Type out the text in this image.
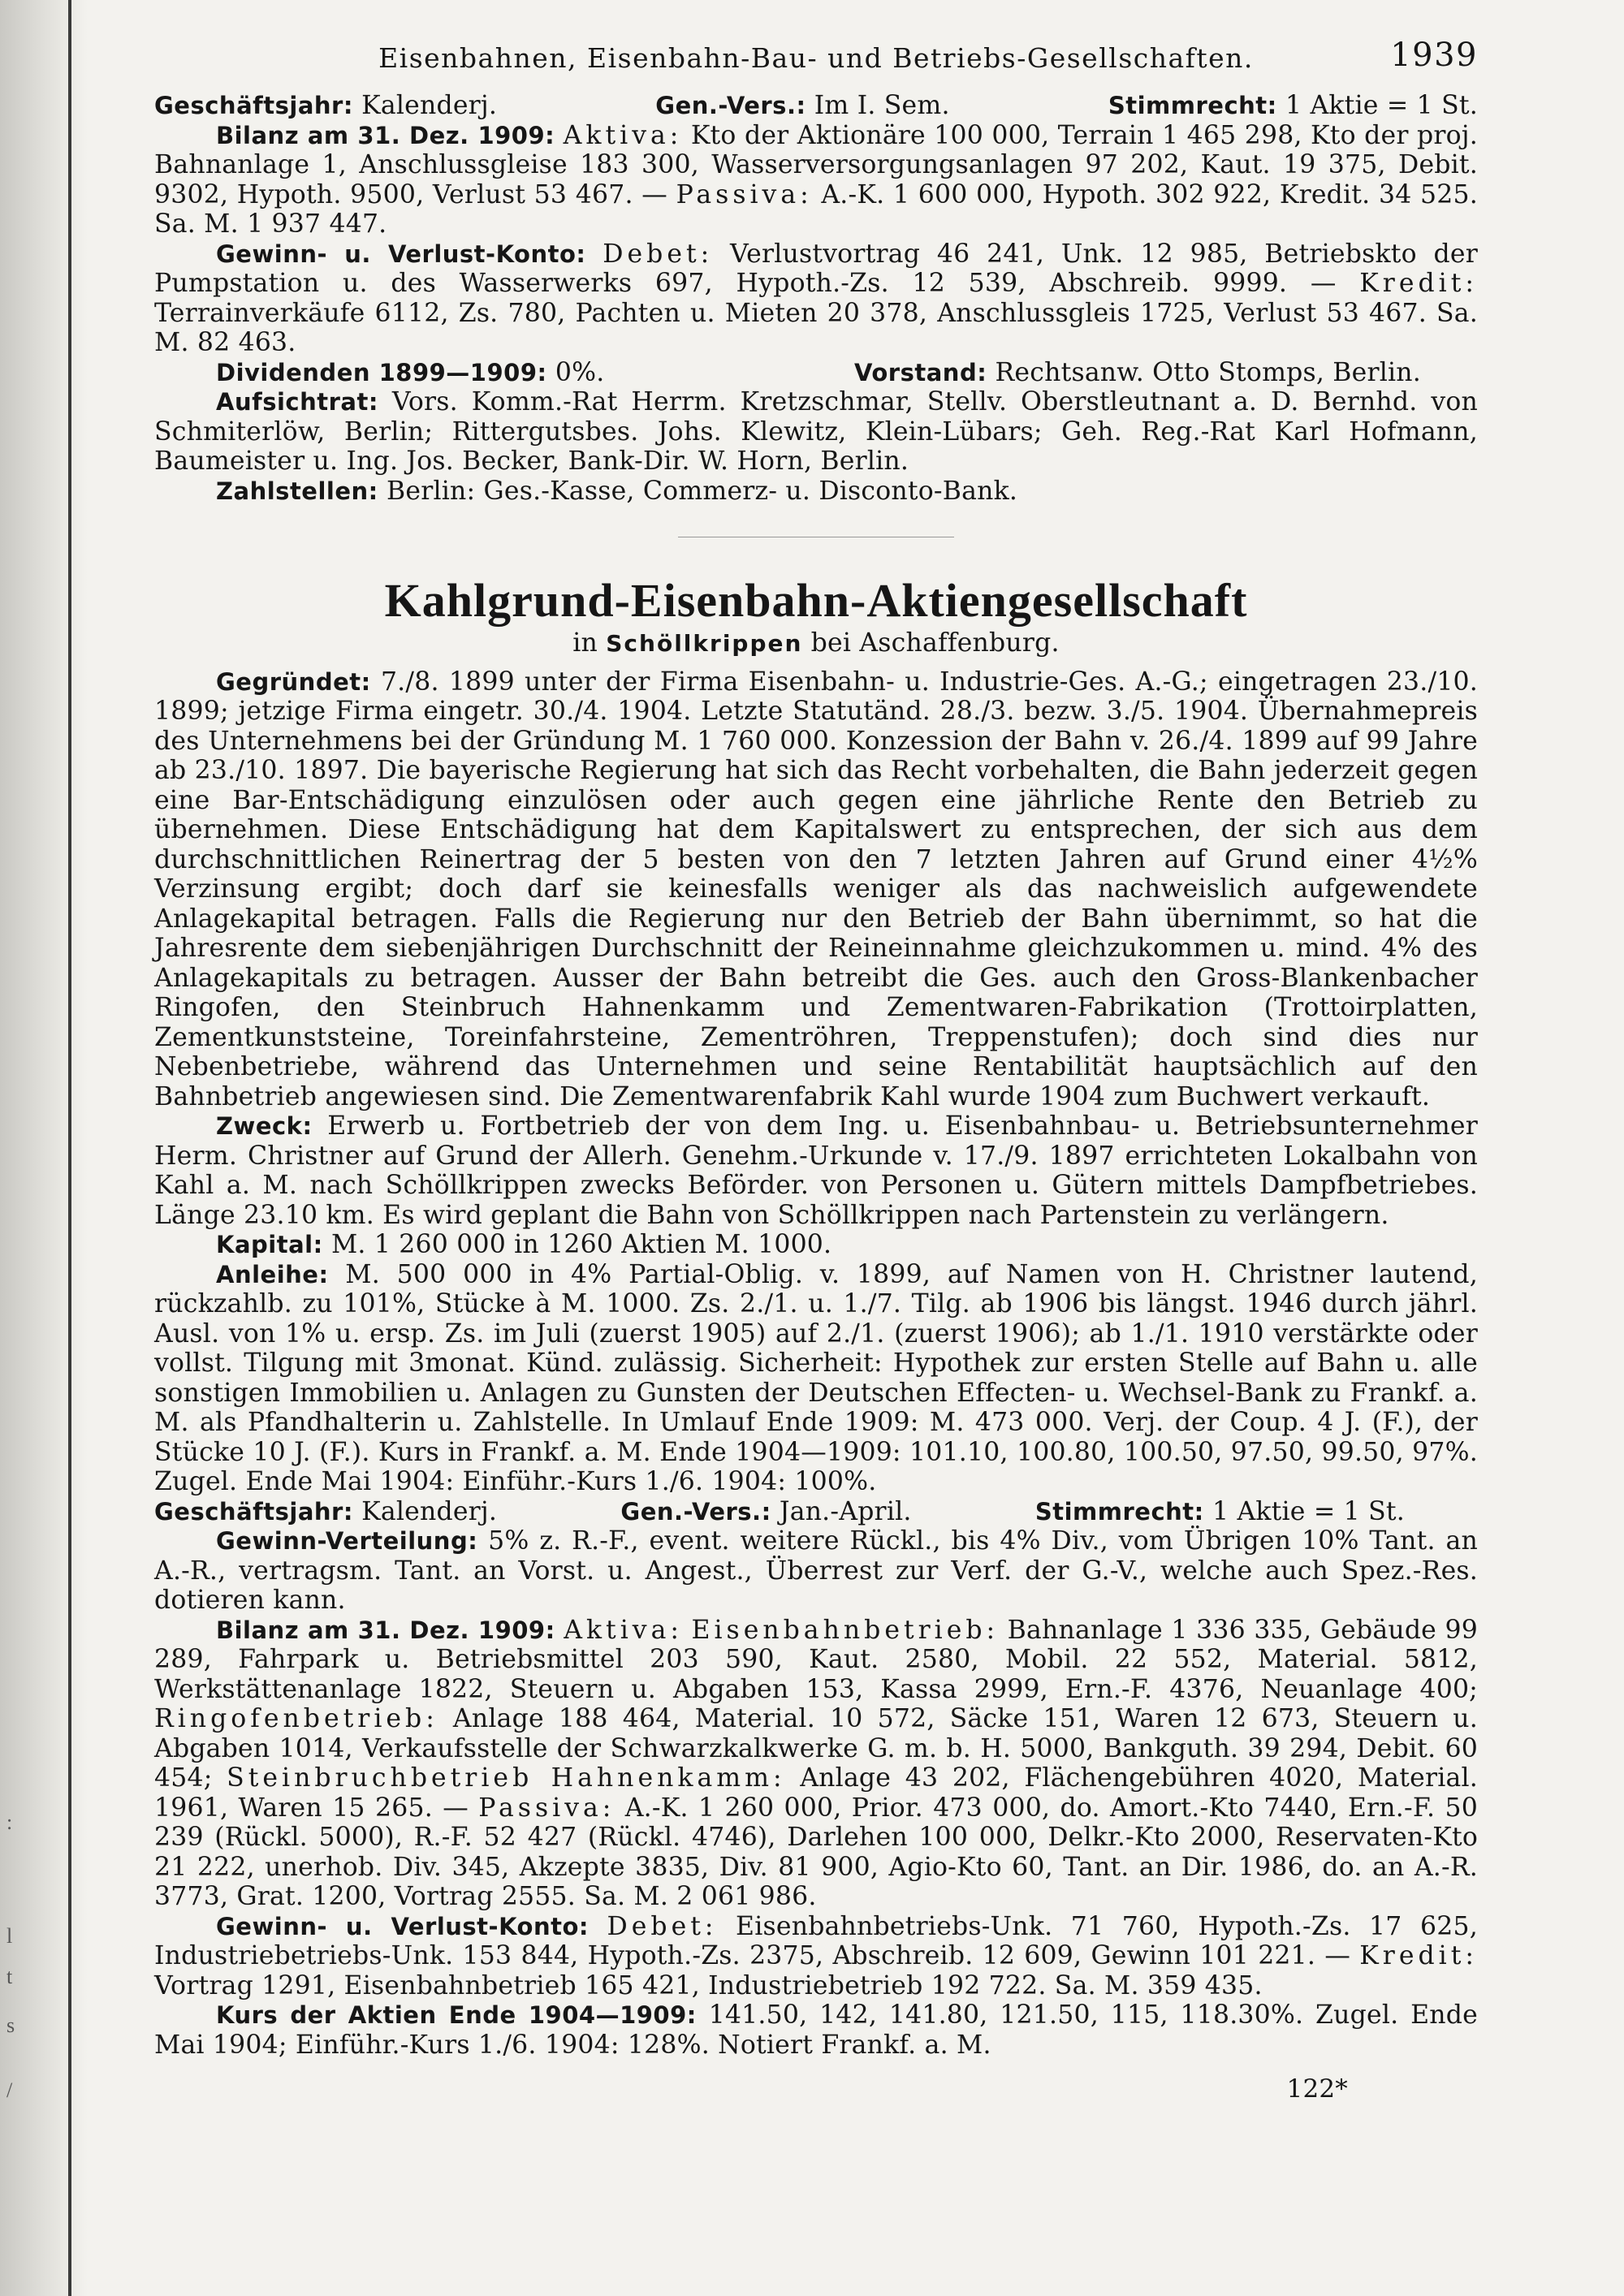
:
l
t
s
/
Eisenbahnen, Eisenbahn-Bau- und Betriebs-Gesellschaften.	1939
Geschäftsjahr: Kalenderj.	Gen.-Vers.: Im I. Sem.	Stimmrecht: 1 Aktie = 1 St.

Bilanz am 31. Dez. 1909: Aktiva: Kto der Aktionäre 100 000, Terrain 1 465 298, Kto der proj. Bahnanlage 1, Anschlussgleise 183 300, Wasserversorgungsanlagen 97 202, Kaut. 19 375, Debit. 9302, Hypoth. 9500, Verlust 53 467. — Passiva: A.-K. 1 600 000, Hypoth. 302 922, Kredit. 34 525. Sa. M. 1 937 447.

Gewinn- u. Verlust-Konto: Debet: Verlustvortrag 46 241, Unk. 12 985, Betriebskto der Pumpstation u. des Wasserwerks 697, Hypoth.-Zs. 12 539, Abschreib. 9999. — Kredit: Terrainverkäufe 6112, Zs. 780, Pachten u. Mieten 20 378, Anschlussgleis 1725, Verlust 53 467. Sa. M. 82 463.

Dividenden 1899—1909: 0%.	Vorstand: Rechtsanw. Otto Stomps, Berlin.

Aufsichtrat: Vors. Komm.-Rat Herrm. Kretzschmar, Stellv. Oberstleutnant a. D. Bernhd. von Schmiterlöw, Berlin; Rittergutsbes. Johs. Klewitz, Klein-Lübars; Geh. Reg.-Rat Karl Hofmann, Baumeister u. Ing. Jos. Becker, Bank-Dir. W. Horn, Berlin.

Zahlstellen: Berlin: Ges.-Kasse, Commerz- u. Disconto-Bank.

Kahlgrund-Eisenbahn-Aktiengesellschaft
in Schöllkrippen bei Aschaffenburg.

Gegründet: 7./8. 1899 unter der Firma Eisenbahn- u. Industrie-Ges. A.-G.; eingetragen 23./10. 1899; jetzige Firma eingetr. 30./4. 1904. Letzte Statutänd. 28./3. bezw. 3./5. 1904. Übernahmepreis des Unternehmens bei der Gründung M. 1 760 000. Konzession der Bahn v. 26./4. 1899 auf 99 Jahre ab 23./10. 1897. Die bayerische Regierung hat sich das Recht vorbehalten, die Bahn jederzeit gegen eine Bar-Entschädigung einzulösen oder auch gegen eine jährliche Rente den Betrieb zu übernehmen. Diese Entschädigung hat dem Kapitalswert zu entsprechen, der sich aus dem durchschnittlichen Reinertrag der 5 besten von den 7 letzten Jahren auf Grund einer 4½% Verzinsung ergibt; doch darf sie keinesfalls weniger als das nachweislich aufgewendete Anlagekapital betragen. Falls die Regierung nur den Betrieb der Bahn übernimmt, so hat die Jahresrente dem siebenjährigen Durchschnitt der Reineinnahme gleichzukommen u. mind. 4% des Anlagekapitals zu betragen. Ausser der Bahn betreibt die Ges. auch den Gross-Blankenbacher Ringofen, den Steinbruch Hahnenkamm und Zementwaren-Fabrikation (Trottoirplatten, Zementkunststeine, Toreinfahrsteine, Zementröhren, Treppenstufen); doch sind dies nur Nebenbetriebe, während das Unternehmen und seine Rentabilität hauptsächlich auf den Bahnbetrieb angewiesen sind. Die Zementwarenfabrik Kahl wurde 1904 zum Buchwert verkauft.

Zweck: Erwerb u. Fortbetrieb der von dem Ing. u. Eisenbahnbau- u. Betriebsunternehmer Herm. Christner auf Grund der Allerh. Genehm.-Urkunde v. 17./9. 1897 errichteten Lokalbahn von Kahl a. M. nach Schöllkrippen zwecks Beförder. von Personen u. Gütern mittels Dampfbetriebes. Länge 23.10 km. Es wird geplant die Bahn von Schöllkrippen nach Partenstein zu verlängern.

Kapital: M. 1 260 000 in 1260 Aktien M. 1000.

Anleihe: M. 500 000 in 4% Partial-Oblig. v. 1899, auf Namen von H. Christner lautend, rückzahlb. zu 101%, Stücke à M. 1000. Zs. 2./1. u. 1./7. Tilg. ab 1906 bis längst. 1946 durch jährl. Ausl. von 1% u. ersp. Zs. im Juli (zuerst 1905) auf 2./1. (zuerst 1906); ab 1./1. 1910 verstärkte oder vollst. Tilgung mit 3monat. Künd. zulässig. Sicherheit: Hypothek zur ersten Stelle auf Bahn u. alle sonstigen Immobilien u. Anlagen zu Gunsten der Deutschen Effecten- u. Wechsel-Bank zu Frankf. a. M. als Pfandhalterin u. Zahlstelle. In Umlauf Ende 1909: M. 473 000. Verj. der Coup. 4 J. (F.), der Stücke 10 J. (F.). Kurs in Frankf. a. M. Ende 1904—1909: 101.10, 100.80, 100.50, 97.50, 99.50, 97%. Zugel. Ende Mai 1904: Einführ.-Kurs 1./6. 1904: 100%.

Geschäftsjahr: Kalenderj.	Gen.-Vers.: Jan.-April.	Stimmrecht: 1 Aktie = 1 St.

Gewinn-Verteilung: 5% z. R.-F., event. weitere Rückl., bis 4% Div., vom Übrigen 10% Tant. an A.-R., vertragsm. Tant. an Vorst. u. Angest., Überrest zur Verf. der G.-V., welche auch Spez.-Res. dotieren kann.

Bilanz am 31. Dez. 1909: Aktiva: Eisenbahnbetrieb: Bahnanlage 1 336 335, Gebäude 99 289, Fahrpark u. Betriebsmittel 203 590, Kaut. 2580, Mobil. 22 552, Material. 5812, Werkstättenanlage 1822, Steuern u. Abgaben 153, Kassa 2999, Ern.-F. 4376, Neuanlage 400; Ringofenbetrieb: Anlage 188 464, Material. 10 572, Säcke 151, Waren 12 673, Steuern u. Abgaben 1014, Verkaufsstelle der Schwarzkalkwerke G. m. b. H. 5000, Bankguth. 39 294, Debit. 60 454; Steinbruchbetrieb Hahnenkamm: Anlage 43 202, Flächengebühren 4020, Material. 1961, Waren 15 265. — Passiva: A.-K. 1 260 000, Prior. 473 000, do. Amort.-Kto 7440, Ern.-F. 50 239 (Rückl. 5000), R.-F. 52 427 (Rückl. 4746), Darlehen 100 000, Delkr.-Kto 2000, Reservaten-Kto 21 222, unerhob. Div. 345, Akzepte 3835, Div. 81 900, Agio-Kto 60, Tant. an Dir. 1986, do. an A.-R. 3773, Grat. 1200, Vortrag 2555. Sa. M. 2 061 986.

Gewinn- u. Verlust-Konto: Debet: Eisenbahnbetriebs-Unk. 71 760, Hypoth.-Zs. 17 625, Industriebetriebs-Unk. 153 844, Hypoth.-Zs. 2375, Abschreib. 12 609, Gewinn 101 221. — Kredit: Vortrag 1291, Eisenbahnbetrieb 165 421, Industriebetrieb 192 722. Sa. M. 359 435.

Kurs der Aktien Ende 1904—1909: 141.50, 142, 141.80, 121.50, 115, 118.30%. Zugel. Ende Mai 1904; Einführ.-Kurs 1./6. 1904: 128%. Notiert Frankf. a. M.

122*
